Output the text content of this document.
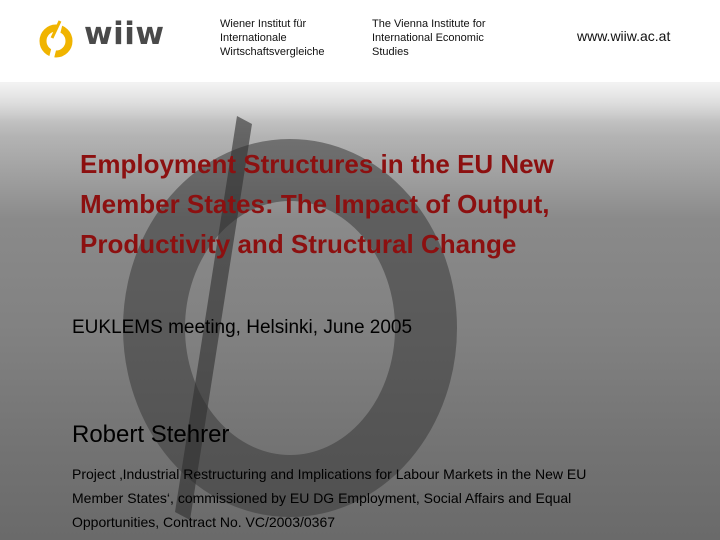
wiiw	Wiener Institut für
Internationale
Wirtschaftsvergleiche
The Vienna Institute for
International Economic
Studies
www.wiiw.ac.at
Employment Structures in the EU New
Member States: The Impact of Output,
Productivity and Structural Change
EUKLEMS meeting, Helsinki, June 2005
Robert Stehrer
Project ‚Industrial Restructuring and Implications for Labour Markets in the New EU
Member States‘, commissioned by EU DG Employment, Social Affairs and Equal
Opportunities, Contract No. VC/2003/0367
